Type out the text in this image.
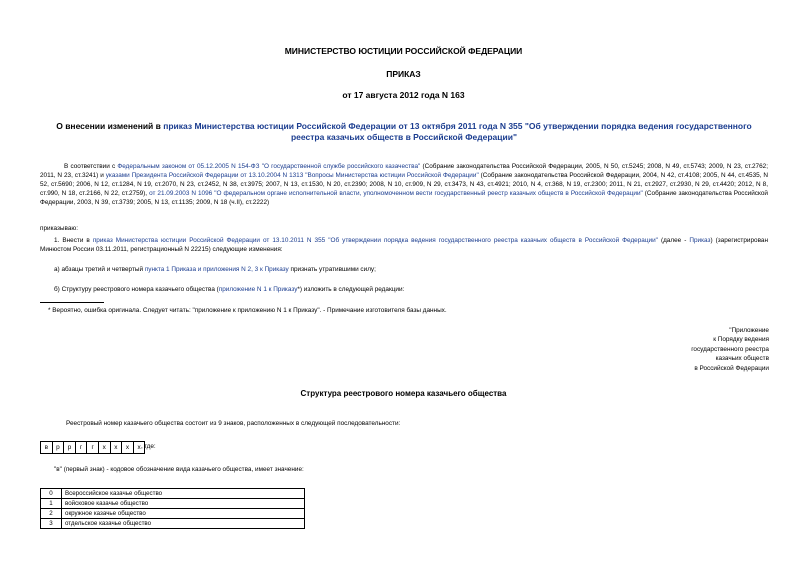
МИНИСТЕРСТВО ЮСТИЦИИ РОССИЙСКОЙ ФЕДЕРАЦИИ
ПРИКАЗ
от 17 августа 2012 года N 163
О внесении изменений в приказ Министерства юстиции Российской Федерации от 13 октября 2011 года N 355 "Об утверждении порядка ведения государственного реестра казачьих обществ в Российской Федерации"
В соответствии с Федеральным законом от 05.12.2005 N 154-ФЗ "О государственной службе российского казачества" (Собрание законодательства Российской Федерации, 2005, N 50, ст.5245; 2008, N 49, ст.5743; 2009, N 23, ст.2762; 2011, N 23, ст.3241) и указами Президента Российской Федерации от 13.10.2004 N 1313 "Вопросы Министерства юстиции Российской Федерации" (Собрание законодательства Российской Федерации, 2004, N 42, ст.4108; 2005, N 44, ст.4535, N 52, ст.5690; 2006, N 12, ст.1284, N 19, ст.2070, N 23, ст.2452, N 38, ст.3975; 2007, N 13, ст.1530, N 20, ст.2390; 2008, N 10, ст.909, N 29, ст.3473, N 43, ст.4921; 2010, N 4, ст.368, N 19, ст.2300; 2011, N 21, ст.2927, ст.2930, N 29, ст.4420; 2012, N 8, ст.990, N 18, ст.2166, N 22, ст.2759), от 21.09.2003 N 1096 "О федеральном органе исполнительной власти, уполномоченном вести государственный реестр казачьих обществ в Российской Федерации" (Собрание законодательства Российской Федерации, 2003, N 39, ст.3739; 2005, N 13, ст.1135; 2009, N 18 (ч.II), ст.2222)
приказываю:
1. Внести в приказ Министерства юстиции Российской Федерации от 13.10.2011 N 355 "Об утверждении порядка ведения государственного реестра казачьих обществ в Российской Федерации" (далее - Приказ) (зарегистрирован Минюстом России 03.11.2011, регистрационный N 22215) следующие изменения:
а) абзацы третий и четвертый пункта 1 Приказа и приложения N 2, 3 к Приказу признать утратившими силу;
б) Структуру реестрового номера казачьего общества (приложение N 1 к Приказу*) изложить в следующей редакции:
* Вероятно, ошибка оригинала. Следует читать: "приложение к приложению N 1 к Приказу". - Примечание изготовителя базы данных.
"Приложение
к Порядку ведения
государственного реестра
казачьих обществ
в Российской Федерации
Структура реестрового номера казачьего общества
Реестровый номер казачьего общества состоит из 9 знаков, расположенных в следующей последовательности:
в	р	р	г	г	х	х	х	х , где:
"в" (первый знак) - кодовое обозначение вида казачьего общества, имеет значение:
0	Всероссийское казачье общество
1	войсковое казачье общество
2	окружное казачье общество
3	отдельское казачье общество
